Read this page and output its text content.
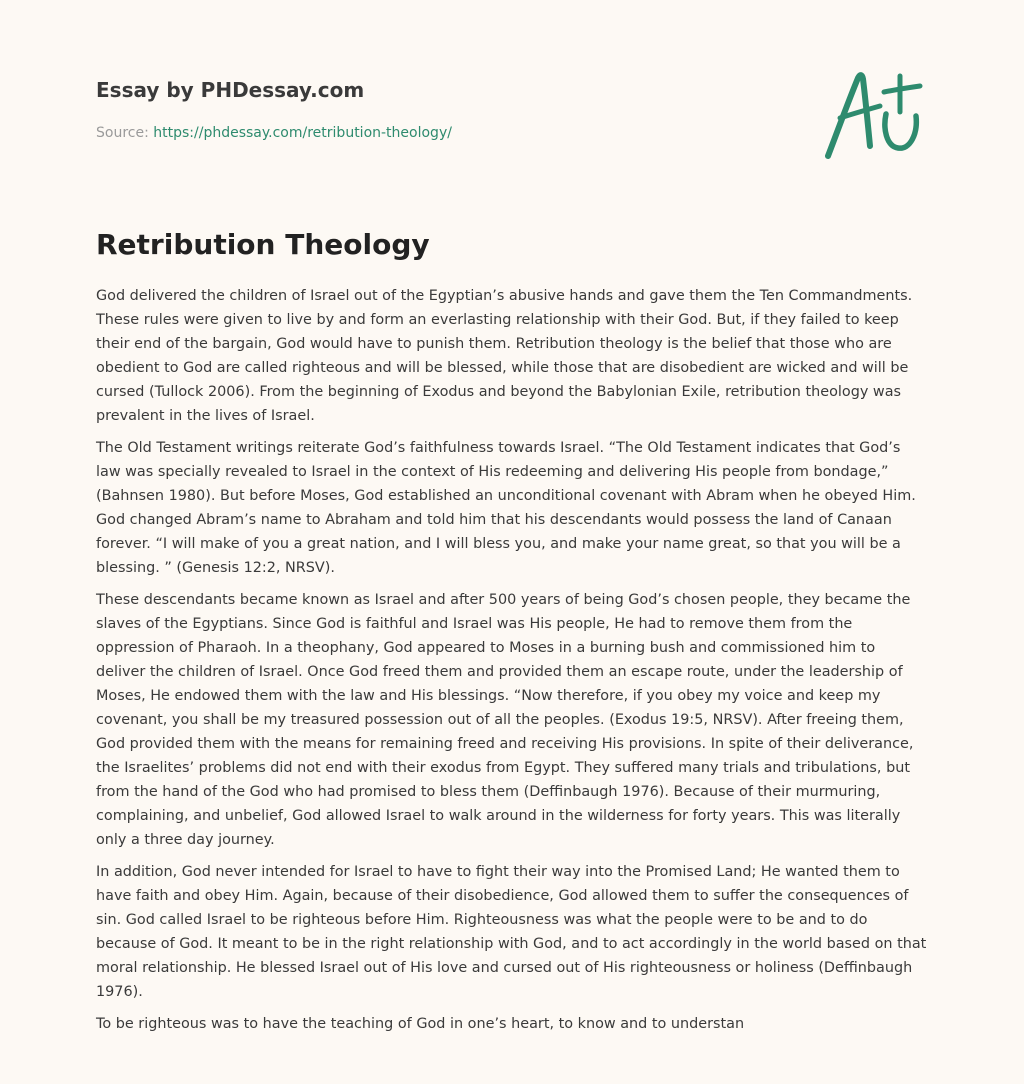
Essay by PHDessay.com
Source: https://phdessay.com/retribution-theology/
Retribution Theology

God delivered the children of Israel out of the Egyptian’s abusive hands and gave them the Ten Commandments. These rules were given to live by and form an everlasting relationship with their God. But, if they failed to keep their end of the bargain, God would have to punish them. Retribution theology is the belief that those who are obedient to God are called righteous and will be blessed, while those that are disobedient are wicked and will be cursed (Tullock 2006). From the beginning of Exodus and beyond the Babylonian Exile, retribution theology was prevalent in the lives of Israel.

The Old Testament writings reiterate God’s faithfulness towards Israel. “The Old Testament indicates that God’s law was specially revealed to Israel in the context of His redeeming and delivering His people from bondage,” (Bahnsen 1980). But before Moses, God established an unconditional covenant with Abram when he obeyed Him. God changed Abram’s name to Abraham and told him that his descendants would possess the land of Canaan forever. “I will make of you a great nation, and I will bless you, and make your name great, so that you will be a blessing. ” (Genesis 12:2, NRSV).

These descendants became known as Israel and after 500 years of being God’s chosen people, they became the slaves of the Egyptians. Since God is faithful and Israel was His people, He had to remove them from the oppression of Pharaoh. In a theophany, God appeared to Moses in a burning bush and commissioned him to deliver the children of Israel. Once God freed them and provided them an escape route, under the leadership of Moses, He endowed them with the law and His blessings. “Now therefore, if you obey my voice and keep my covenant, you shall be my treasured possession out of all the peoples. (Exodus 19:5, NRSV). After freeing them, God provided them with the means for remaining freed and receiving His provisions. In spite of their deliverance, the Israelites’ problems did not end with their exodus from Egypt. They suffered many trials and tribulations, but from the hand of the God who had promised to bless them (Deffinbaugh 1976). Because of their murmuring, complaining, and unbelief, God allowed Israel to walk around in the wilderness for forty years. This was literally only a three day journey.

In addition, God never intended for Israel to have to fight their way into the Promised Land; He wanted them to have faith and obey Him. Again, because of their disobedience, God allowed them to suffer the consequences of sin. God called Israel to be righteous before Him. Righteousness was what the people were to be and to do because of God. It meant to be in the right relationship with God, and to act accordingly in the world based on that moral relationship. He blessed Israel out of His love and cursed out of His righteousness or holiness (Deffinbaugh 1976).

To be righteous was to have the teaching of God in one’s heart, to know and to understan
